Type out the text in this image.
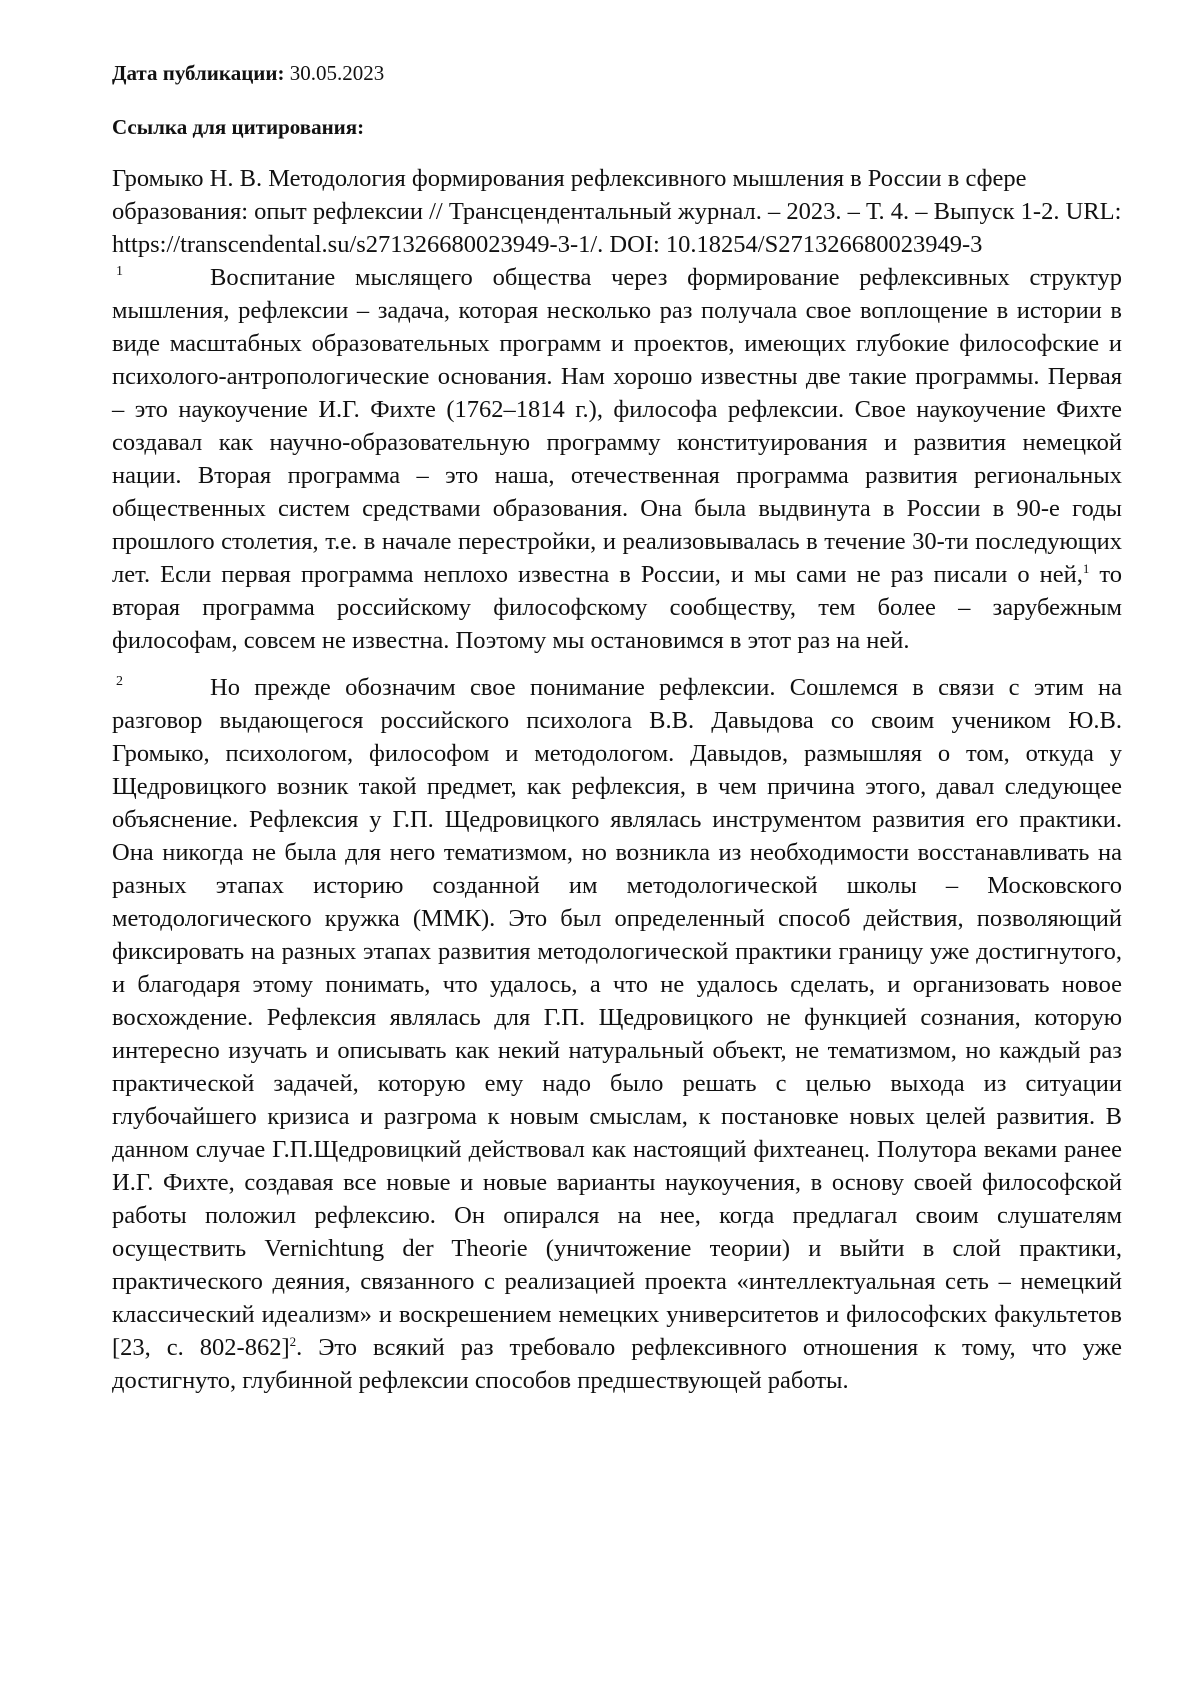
Дата публикации: 30.05.2023

Ссылка для цитирования:

Громыко Н. В. Методология формирования рефлексивного мышления в России в сфере образования: опыт рефлексии // Трансцендентальный журнал. – 2023. – Т. 4. – Выпуск 1-2. URL: https://transcendental.su/s271326680023949-3-1/. DOI: 10.18254/S271326680023949-3

1	Воспитание мыслящего общества через формирование рефлексивных структур мышления, рефлексии – задача, которая несколько раз получала свое воплощение в истории в виде масштабных образовательных программ и проектов, имеющих глубокие философские и психолого-антропологические основания. Нам хорошо известны две такие программы. Первая – это наукоучение И.Г. Фихте (1762–1814 г.), философа рефлексии. Свое наукоучение Фихте создавал как научно-образовательную программу конституирования и развития немецкой нации. Вторая программа – это наша, отечественная программа развития региональных общественных систем средствами образования. Она была выдвинута в России в 90-е годы прошлого столетия, т.е. в начале перестройки, и реализовывалась в течение 30-ти последующих лет. Если первая программа неплохо известна в России, и мы сами не раз писали о ней,$^1$ то вторая программа российскому философскому сообществу, тем более – зарубежным философам, совсем не известна. Поэтому мы остановимся в этот раз на ней.
2	Но прежде обозначим свое понимание рефлексии. Сошлемся в связи с этим на разговор выдающегося российского психолога В.В. Давыдова со своим учеником Ю.В. Громыко, психологом, философом и методологом. Давыдов, размышляя о том, откуда у Щедровицкого возник такой предмет, как рефлексия, в чем причина этого, давал следующее объяснение. Рефлексия у Г.П. Щедровицкого являлась инструментом развития его практики. Она никогда не была для него тематизмом, но возникла из необходимости восстанавливать на разных этапах историю созданной им методологической школы – Московского методологического кружка (ММК). Это был определенный способ действия, позволяющий фиксировать на разных этапах развития методологической практики границу уже достигнутого, и благодаря этому понимать, что удалось, а что не удалось сделать, и организовать новое восхождение. Рефлексия являлась для Г.П. Щедровицкого не функцией сознания, которую интересно изучать и описывать как некий натуральный объект, не тематизмом, но каждый раз практической задачей, которую ему надо было решать с целью выхода из ситуации глубочайшего кризиса и разгрома к новым смыслам, к постановке новых целей развития. В данном случае Г.П.Щедровицкий действовал как настоящий фихтеанец. Полутора веками ранее И.Г. Фихте, создавая все новые и новые варианты наукоучения, в основу своей философской работы положил рефлексию. Он опирался на нее, когда предлагал своим слушателям осуществить Vernichtung der Theorie (уничтожение теории) и выйти в слой практики, практического деяния, связанного с реализацией проекта «интеллектуальная сеть – немецкий классический идеализм» и воскрешением немецких университетов и философских факультетов [23, с. 802-862]$^2$. Это всякий раз требовало рефлексивного отношения к тому, что уже достигнуто, глубинной рефлексии способов предшествующей работы.
